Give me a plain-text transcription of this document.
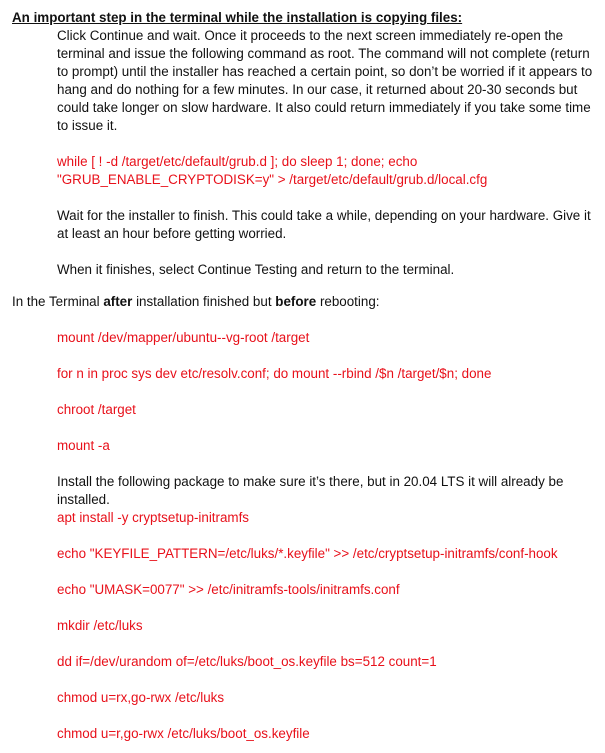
An important step in the terminal while the installation is copying files:
Click Continue and wait. Once it proceeds to the next screen immediately re-open the terminal and issue the following command as root. The command will not complete (return to prompt) until the installer has reached a certain point, so don’t be worried if it appears to hang and do nothing for a few minutes. In our case, it returned about 20-30 seconds but could take longer on slow hardware. It also could return immediately if you take some time to issue it.
while [ ! -d /target/etc/default/grub.d ]; do sleep 1; done; echo "GRUB_ENABLE_CRYPTODISK=y" > /target/etc/default/grub.d/local.cfg
Wait for the installer to finish. This could take a while, depending on your hardware. Give it at least an hour before getting worried.
When it finishes, select Continue Testing and return to the terminal.
In the Terminal after installation finished but before rebooting:
mount /dev/mapper/ubuntu--vg-root /target
for n in proc sys dev etc/resolv.conf; do mount --rbind /$n /target/$n; done
chroot /target
mount -a
Install the following package to make sure it’s there, but in 20.04 LTS it will already be installed.
apt install -y cryptsetup-initramfs
echo "KEYFILE_PATTERN=/etc/luks/*.keyfile" >> /etc/cryptsetup-initramfs/conf-hook
echo "UMASK=0077" >> /etc/initramfs-tools/initramfs.conf
mkdir /etc/luks
dd if=/dev/urandom of=/etc/luks/boot_os.keyfile bs=512 count=1
chmod u=rx,go-rwx /etc/luks
chmod u=r,go-rwx /etc/luks/boot_os.keyfile
